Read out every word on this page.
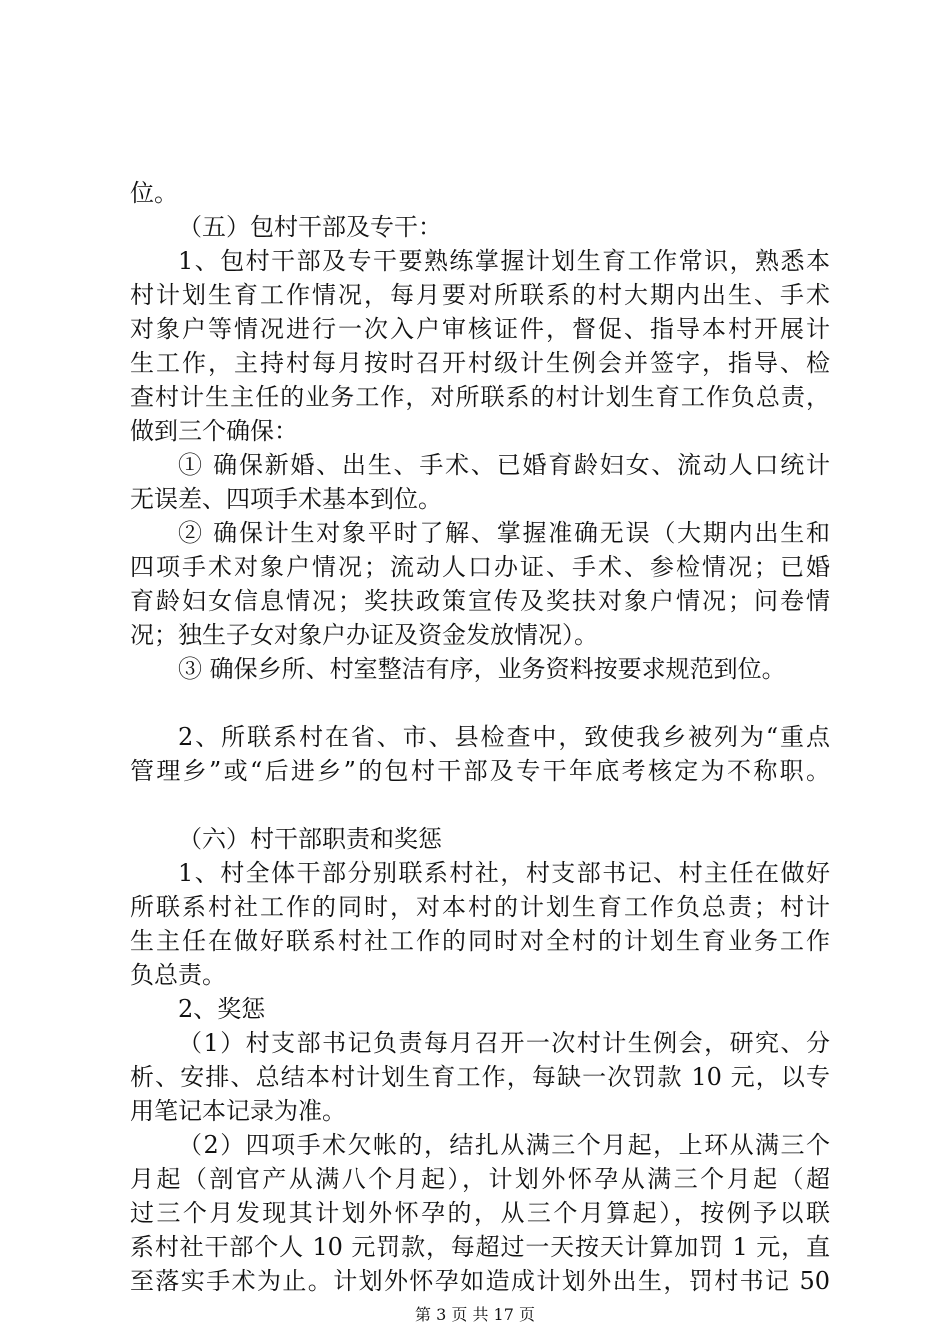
位。
（五）包村干部及专干：
1、包村干部及专干要熟练掌握计划生育工作常识，熟悉本
村计划生育工作情况，每月要对所联系的村大期内出生、手术
对象户等情况进行一次入户审核证件，督促、指导本村开展计
生工作，主持村每月按时召开村级计生例会并签字，指导、检
查村计生主任的业务工作，对所联系的村计划生育工作负总责，
做到三个确保：
① 确保新婚、出生、手术、已婚育龄妇女、流动人口统计
无误差、四项手术基本到位。
② 确保计生对象平时了解、掌握准确无误（大期内出生和
四项手术对象户情况；流动人口办证、手术、参检情况；已婚
育龄妇女信息情况；奖扶政策宣传及奖扶对象户情况；问卷情
况；独生子女对象户办证及资金发放情况）。
③ 确保乡所、村室整洁有序，业务资料按要求规范到位。
2、所联系村在省、市、县检查中，致使我乡被列为“重点
管理乡”或“后进乡”的包村干部及专干年底考核定为不称职。
（六）村干部职责和奖惩
1、村全体干部分别联系村社，村支部书记、村主任在做好
所联系村社工作的同时，对本村的计划生育工作负总责；村计
生主任在做好联系村社工作的同时对全村的计划生育业务工作
负总责。
2、奖惩
（1）村支部书记负责每月召开一次村计生例会，研究、分
析、安排、总结本村计划生育工作，每缺一次罚款 10 元，以专
用笔记本记录为准。
（2）四项手术欠帐的，结扎从满三个月起，上环从满三个
月起（剖官产从满八个月起），计划外怀孕从满三个月起（超
过三个月发现其计划外怀孕的，从三个月算起），按例予以联
系村社干部个人 10 元罚款，每超过一天按天计算加罚 1 元，直
至落实手术为止。计划外怀孕如造成计划外出生，罚村书记 50
第 3 页 共 17 页
